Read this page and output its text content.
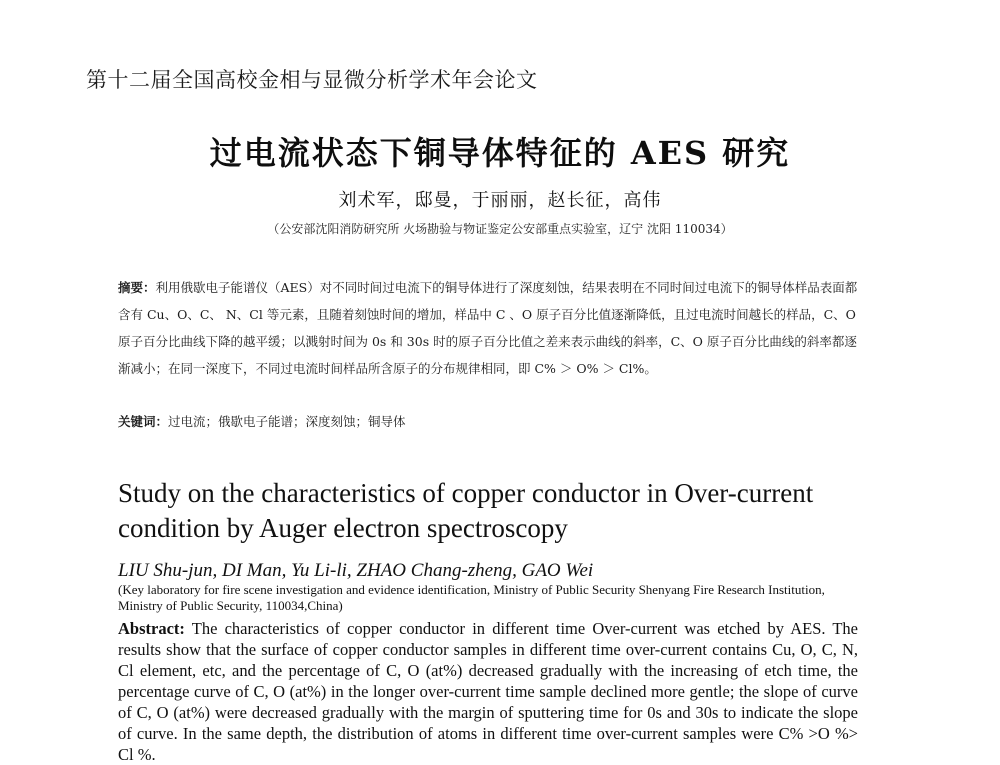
第十二届全国高校金相与显微分析学术年会论文
过电流状态下铜导体特征的 AES 研究
刘术军，邸曼，于丽丽，赵长征，高伟
（公安部沈阳消防研究所 火场勘验与物证鉴定公安部重点实验室，辽宁 沈阳 110034）
摘要：利用俄歇电子能谱仪（AES）对不同时间过电流下的铜导体进行了深度刻蚀，结果表明在不同时间过电流下的铜导体样品表面都含有 Cu、O、C、 N、Cl 等元素，且随着刻蚀时间的增加，样品中 C 、O 原子百分比值逐渐降低，且过电流时间越长的样品，C、O 原子百分比曲线下降的越平缓；以溅射时间为 0s 和 30s 时的原子百分比值之差来表示曲线的斜率，C、O 原子百分比曲线的斜率都逐渐减小；在同一深度下，不同过电流时间样品所含原子的分布规律相同，即 C% ＞ O% ＞ Cl%。
关键词：过电流；俄歇电子能谱；深度刻蚀；铜导体
Study on the characteristics of copper conductor in Over-current condition by Auger electron spectroscopy
LIU Shu-jun, DI Man, Yu Li-li, ZHAO Chang-zheng, GAO Wei
(Key laboratory for fire scene investigation and evidence identification, Ministry of Public Security Shenyang Fire Research Institution, Ministry of Public Security, 110034,China)
Abstract: The characteristics of copper conductor in different time Over-current was etched by AES. The results show that the surface of copper conductor samples in different time over-current contains Cu, O, C, N, Cl element, etc, and the percentage of C, O (at%) decreased gradually with the increasing of etch time, the percentage curve of C, O (at%) in the longer over-current time sample declined more gentle; the slope of curve of C, O (at%) were decreased gradually with the margin of sputtering time for 0s and 30s to indicate the slope of curve. In the same depth, the distribution of atoms in different time over-current samples were C% >O %> Cl %.
